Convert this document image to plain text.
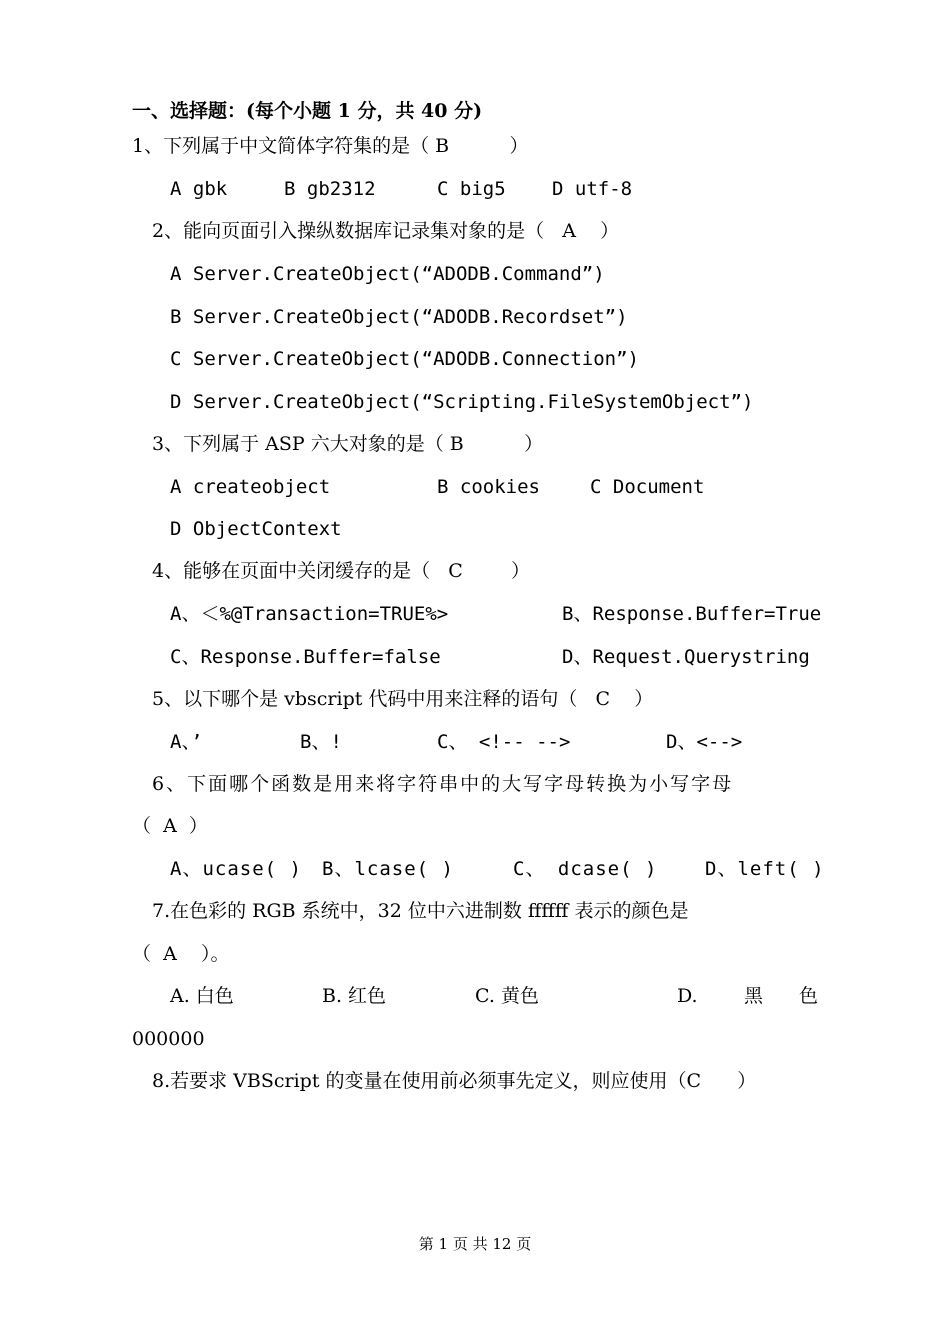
一、选择题：(每个小题 1 分，共 40 分)
1、下列属于中文简体字符集的是（ B          ）
A gbk	B gb2312	C big5 D utf-8
2、能向页面引入操纵数据库记录集对象的是（   A    ）
A Server.CreateObject(“ADODB.Command”)
B Server.CreateObject(“ADODB.Recordset”)
C Server.CreateObject(“ADODB.Connection”)
D Server.CreateObject(“Scripting.FileSystemObject”)
3、下列属于 ASP 六大对象的是（ B          ）
A createobject	B cookies	C Document
D ObjectContext
4、能够在页面中关闭缓存的是（   C        ）
A、＜%@Transaction=TRUE%>	B、Response.Buffer=True
C、Response.Buffer=false	D、Request.Querystring
5、以下哪个是 vbscript 代码中用来注释的语句（   C    ）
A、’	B、!	C、 <!-- -->	D、<-->
6、下面哪个函数是用来将字符串中的大写字母转换为小写字母
（  A  ）
A、ucase( ) B、lcase( )	C、 dcase( )	D、left( )
7.在色彩的 RGB 系统中，32 位中六进制数 ffffff 表示的颜色是
（  A    ）。
A. 白色	B. 红色	C. 黄色	D. 黑 色
000000
8.若要求 VBScript 的变量在使用前必须事先定义，则应使用（C      ）
第 1 页 共 12 页
